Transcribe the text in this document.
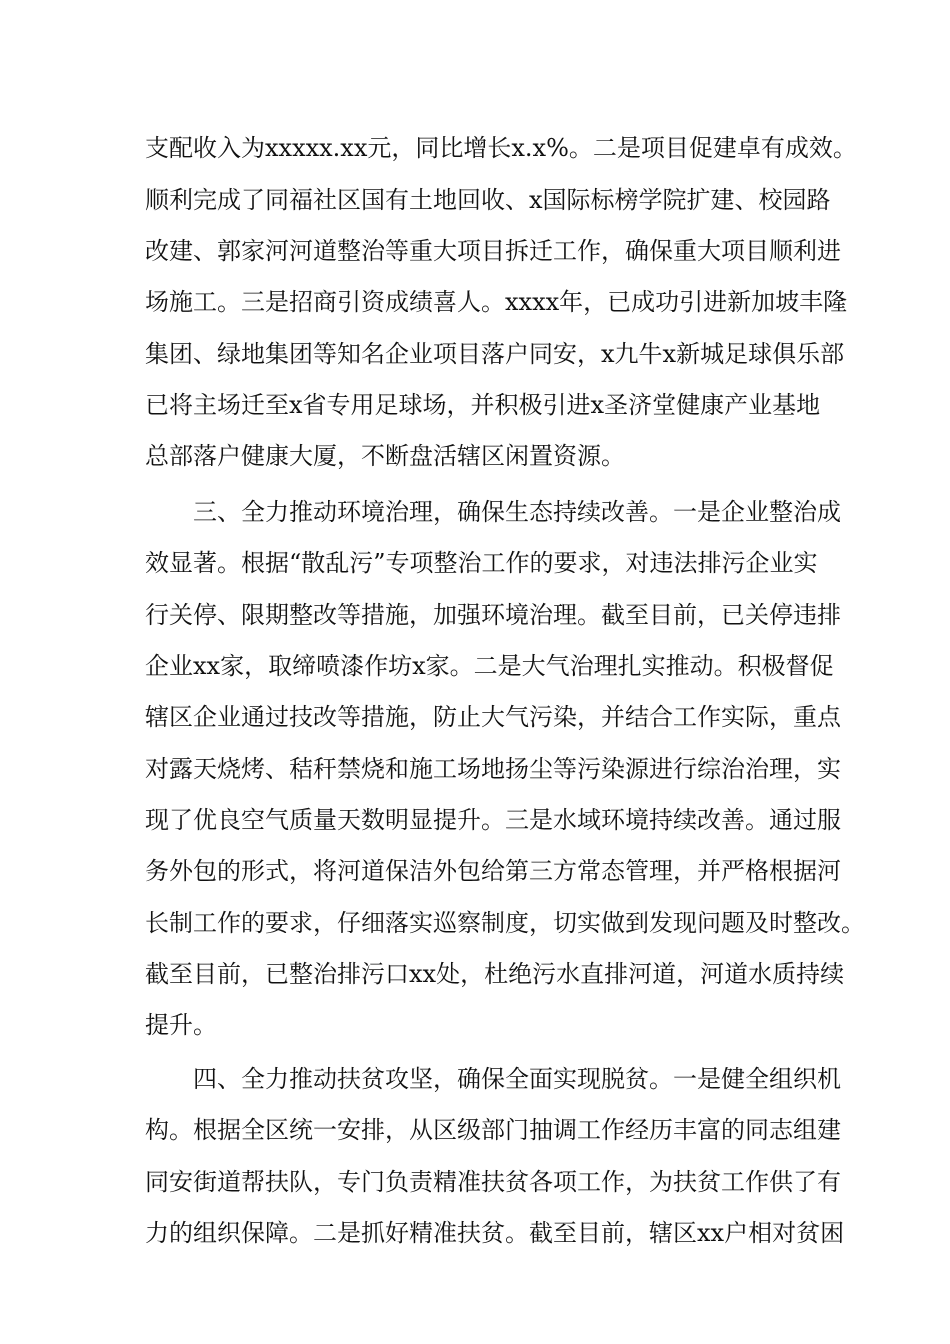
支配收入为xxxxx.xx元，同比增长x.x%。二是项目促建卓有成效。
顺利完成了同福社区国有土地回收、x国际标榜学院扩建、校园路
改建、郭家河河道整治等重大项目拆迁工作，确保重大项目顺利进
场施工。三是招商引资成绩喜人。xxxx年，已成功引进新加坡丰隆
集团、绿地集团等知名企业项目落户同安，x九牛x新城足球俱乐部
已将主场迁至x省专用足球场，并积极引进x圣济堂健康产业基地
总部落户健康大厦，不断盘活辖区闲置资源。
三、全力推动环境治理，确保生态持续改善。一是企业整治成
效显著。根据“散乱污”专项整治工作的要求，对违法排污企业实
行关停、限期整改等措施，加强环境治理。截至目前，已关停违排
企业xx家，取缔喷漆作坊x家。二是大气治理扎实推动。积极督促
辖区企业通过技改等措施，防止大气污染，并结合工作实际，重点
对露天烧烤、秸秆禁烧和施工场地扬尘等污染源进行综治治理，实
现了优良空气质量天数明显提升。三是水域环境持续改善。通过服
务外包的形式，将河道保洁外包给第三方常态管理，并严格根据河
长制工作的要求，仔细落实巡察制度，切实做到发现问题及时整改。
截至目前，已整治排污口xx处，杜绝污水直排河道，河道水质持续
提升。
四、全力推动扶贫攻坚，确保全面实现脱贫。一是健全组织机
构。根据全区统一安排，从区级部门抽调工作经历丰富的同志组建
同安街道帮扶队，专门负责精准扶贫各项工作，为扶贫工作供了有
力的组织保障。二是抓好精准扶贫。截至目前，辖区xx户相对贫困
